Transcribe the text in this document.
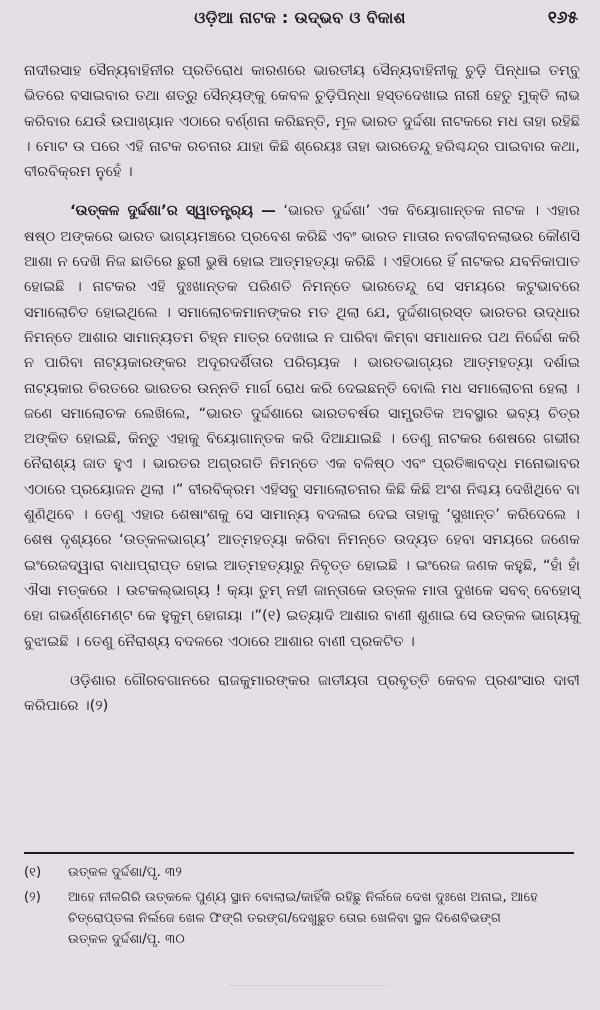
ଓଡ଼ିଆ ନାଟକ : ଉଦ୍ଭବ ଓ ବିକାଶ	୧୬୫

ନାଦୀରସାହ ସୈନ୍ୟବାହିନୀର ପ୍ରତିରୋଧ କାରଣରେ ଭାରତୀୟ ସୈନ୍ୟବାହିନୀକୁ ଚୁଡ଼ି ପିନ୍ଧାଇ ତମ୍ବୁ ଭିତରେ ବସାଇବାର ତଥା ଶତ୍ରୁ ସୈନ୍ୟଙ୍କୁ କେବଳ ଚୁଡ଼ିପିନ୍ଧା ହସ୍ତଦେଖାଇ ନାରୀ ହେତୁ ମୁକ୍ତି ଲାଭ କରିବାର ଯେଉଁ ଉପାଖ୍ୟାନ ଏଠାରେ ବର୍ଣ୍ଣନା କରିଛନ୍ତି, ମୂଳ ଭାରତ ଦୁର୍ଦ୍ଦଶା ନାଟକରେ ମଧ ତାହା ରହିଛି । ମୋଟ ଉ ପରେ ଏହି ନାଟକ ରଚନାର ଯାହା କିଛି ଶ୍ରେୟଃ ତାହା ଭାରତେନ୍ଦୁ ହରିଶ୍ଚନ୍ଦ୍ର ପାଇବାର କଥା, ବୀରବିକ୍ରମ ନୁହେଁ ।

‘ଉତ୍କଳ ଦୁର୍ଦ୍ଦଶା’ର ସ୍ୱାତନ୍ତ୍ର୍ୟ — ‘ଭାରତ ଦୁର୍ଦ୍ଦଶା’ ଏକ ବିୟୋଗାନ୍ତକ ନାଟକ । ଏହାର ଷଷ୍ଠ ଅଙ୍କରେ ଭାରତ ଭାଗ୍ୟମଞ୍ଚରେ ପ୍ରବେଶ କରିଛି ଏବଂ ଭାରତ ମାତାର ନବଜୀବନଲାଭର କୌଣସି ଆଶା ନ ଦେଖି ନିଜ ଛାତିରେ ଛୁରୀ ଭୁଷି ହୋଇ ଆତ୍ମହତ୍ୟା କରିଛି । ଏହିଠାରେ ହିଁ ନାଟକର ଯବନିକାପାତ ହୋଇଛି । ନାଟକର ଏହି ଦୁଃଖାନ୍ତକ ପରିଣତି ନିମନ୍ତେ ଭାରତେନ୍ଦୁ ସେ ସମୟରେ କଟୁଭାବରେ ସମାଲୋଚିତ ହୋଇଥିଲେ । ସମାଲୋଚକମାନଙ୍କର ମତ ଥିଲା ଯେ, ଦୁର୍ଦ୍ଦଶାଗ୍ରସ୍ତ ଭାରତର ଉଦ୍ଧାର ନିମନ୍ତେ ଆଶାର ସାମାନ୍ୟତମ ଚିହ୍ନ ମାତ୍ର ଦେଖାଇ ନ ପାରିବା କିମ୍ବା ସମାଧାନର ପଥ ନିର୍ଦ୍ଦେଶ କରି ନ ପାରିବା ନାଟ୍ୟକାରଙ୍କର ଅଦୂରଦର୍ଶିତାର ପରିଚାୟକ । ଭାରତଭାଗ୍ୟର ଆତ୍ମହତ୍ୟା ଦର୍ଶାଇ ନାଟ୍ୟକାର ଚିରତରେ ଭାରତର ଉନ୍ନତି ମାର୍ଗ ରୋଧ କରି ଦେଇଛନ୍ତି ବୋଲି ମଧ ସମାଲୋଚନା ହେଲା । ଜଣେ ସମାଲୋଚକ ଲେଖିଲେ, “ଭାରତ ଦୁର୍ଦ୍ଦଶାରେ ଭାରତବର୍ଷର ସାମ୍ପ୍ରତିକ ଅବସ୍ଥାର ଭବ୍ୟ ଚିତ୍ର ଅଙ୍କିତ ହୋଇଛି, କିନ୍ତୁ ଏହାକୁ ବିୟୋଗାନ୍ତକ କରି ଦିଆଯାଇଛି । ତେଣୁ ନାଟକର ଶେଷରେ ଗଭୀର ନୈରାଶ୍ୟ ଜାତ ହୁଏ । ଭାରତର ଅଗ୍ରଗତି ନିମନ୍ତେ ଏକ ବଳିଷ୍ଠ ଏବଂ ପ୍ରତିଜ୍ଞାବଦ୍ଧ ମନୋଭାବର ଏଠାରେ ପ୍ରୟୋଜନ ଥିଲା ।” ବୀରବିକ୍ରମ ଏହିସବୁ ସମାଲୋଚନାର କିଛି କିଛି ଅଂଶ ନିଶ୍ଚୟ ଦେଖିଥିବେ ବା ଶୁଣିଥିବେ । ତେଣୁ ଏହାର ଶେଷାଂଶକୁ ସେ ସାମାନ୍ୟ ବଦଳାଇ ଦେଇ ତାହାକୁ ‘ସୁଖାନ୍ତ’ କରିଦେଲେ । ଶେଷ ଦୃଶ୍ୟରେ ‘ଉତ୍କଳଭାଗ୍ୟ’ ଆତ୍ମହତ୍ୟା କରିବା ନିମନ୍ତେ ଉଦ୍ୟତ ହେବା ସମୟରେ ଜଣେକ ଇଂରେଜଦ୍ୱାରା ବାଧାପ୍ରାପ୍ତ ହୋଇ ଆତ୍ମହତ୍ୟାରୁ ନିବୃତ୍ତ ହୋଇଛି । ଇଂରେଜ ଜଣକ କହୁଛି, “ହାଁ ହାଁ ଐସା ମତ୍‌କରେ । ଉଟକଲ୍‌ଭାଗ୍ୟ ! କ୍ୟା ତୁମ୍ ନହୀ ଜାନ୍‌ତାକେ ଉତ୍କଳ ମାତା ଦୁଖକେ ସବବ୍ ବେହୋସ୍ ହୋ ଗଭର୍ଣ୍ଣମେଣ୍ଟ କେ ହୁକୁମ୍ ହୋଗୟା ।”(୧) ଇତ୍ୟାଦି ଆଶାର ବାଣୀ ଶୁଣାଇ ସେ ଉତ୍କଳ ଭାଗ୍ୟକୁ ବୁଝାଇଛି । ତେଣୁ ନୈରାଶ୍ୟ ବଦଳରେ ଏଠାରେ ଆଶାର ବାଣୀ ପ୍ରକଟିତ ।

ଓଡ଼ିଶାର ଗୌରବଗାନରେ ରାଜକୁମାରଙ୍କର ଜାତୀୟତା ପ୍ରବୃତ୍ତି କେବଳ ପ୍ରଶଂସାର ଦାବୀ କରିପାରେ ।(୨)

(୧)	ଉତ୍କଳ ଦୁର୍ଦ୍ଦଶା/ପୃ. ୩୨
(୨)	ଆହେ ନୀଳଗିରି ଉତ୍କଳେ ପୁଣ୍ୟ ସ୍ଥାନ ବୋଲାଇ/କାହିଁକି ରହିଛୁ ନିର୍ଲଜେ ଦେଖ ଦୁଃଖେ ଅନାଇ, ଆହେ ଚିତ୍ରୋପ୍ତଳା ନିର୍ଲଜେ ଖେଳ ଫିଙ୍ଗି ତରଙ୍ଗ/ଦେଖୁଛୁତ ତୋର ଖେଳିବା ସ୍ଥଳ ଦିଶେବିଭଙ୍ଗ
ଉତ୍କଳ ଦୁର୍ଦ୍ଦଶା/ପୃ. ୩୦
